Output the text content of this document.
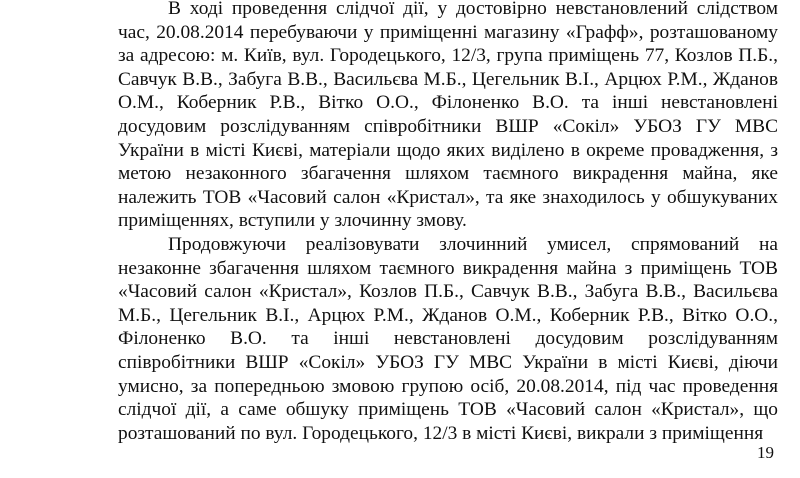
В ході проведення слідчої дії, у достовірно невстановлений слідством час, 20.08.2014 перебуваючи у приміщенні магазину «Графф», розташованому за адресою: м. Київ, вул. Городецького, 12/3, група приміщень 77, Козлов П.Б., Савчук В.В., Забуга В.В., Васильєва М.Б., Цегельник В.І., Арцюх Р.М., Жданов О.М., Коберник Р.В., Вітко О.О., Філоненко В.О. та інші невстановлені досудовим розслідуванням співробітники ВШР «Сокіл» УБОЗ ГУ МВС України в місті Києві, матеріали щодо яких виділено в окреме провадження, з метою незаконного збагачення шляхом таємного викрадення майна, яке належить ТОВ «Часовий салон «Кристал», та яке знаходилось у обшукуваних приміщеннях, вступили у злочинну змову.

Продовжуючи реалізовувати злочинний умисел, спрямований на незаконне збагачення шляхом таємного викрадення майна з приміщень ТОВ «Часовий салон «Кристал», Козлов П.Б., Савчук В.В., Забуга В.В., Васильєва М.Б., Цегельник В.І., Арцюх Р.М., Жданов О.М., Коберник Р.В., Вітко О.О., Філоненко В.О. та інші невстановлені досудовим розслідуванням співробітники ВШР «Сокіл» УБОЗ ГУ МВС України в місті Києві, діючи умисно, за попередньою змовою групою осіб, 20.08.2014, під час проведення слідчої дії, а саме обшуку приміщень ТОВ «Часовий салон «Кристал», що розташований по вул. Городецького, 12/3 в місті Києві, викрали з приміщення

19
